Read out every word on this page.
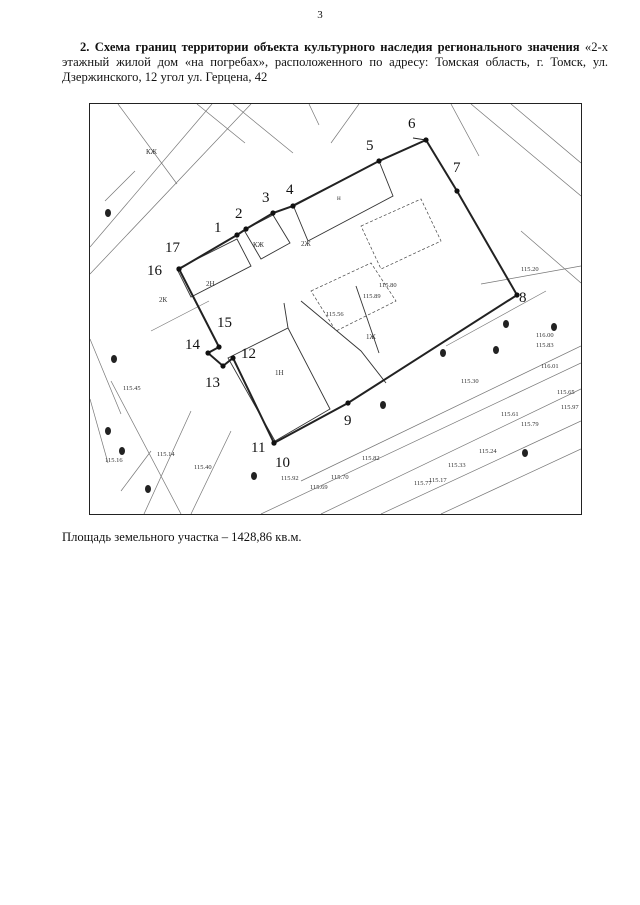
3
2. Схема границ территории объекта культурного наследия регионального значения «2-х этажный жилой дом «на погребах», расположенного по адресу: Томская область, г. Томск, ул. Дзержинского, 12 угол ул. Герцена, 42
1
2
3 4
5
6
7
8
9
10
11
12
13
14
15
16
17
116.00
116.01
115.82
115.77
115.61
115.24
115.17
115.65
115.69
115.92
115.40
115.45
115.16
115.20
115.89
115.56
115.80
115.97
115.33
115.79
115.14
115.30
115.70
115.83
2К
2Н
КЖ	2Ж
1Н
1Ж
КЖ
н
Площадь земельного участка – 1428,86 кв.м.
